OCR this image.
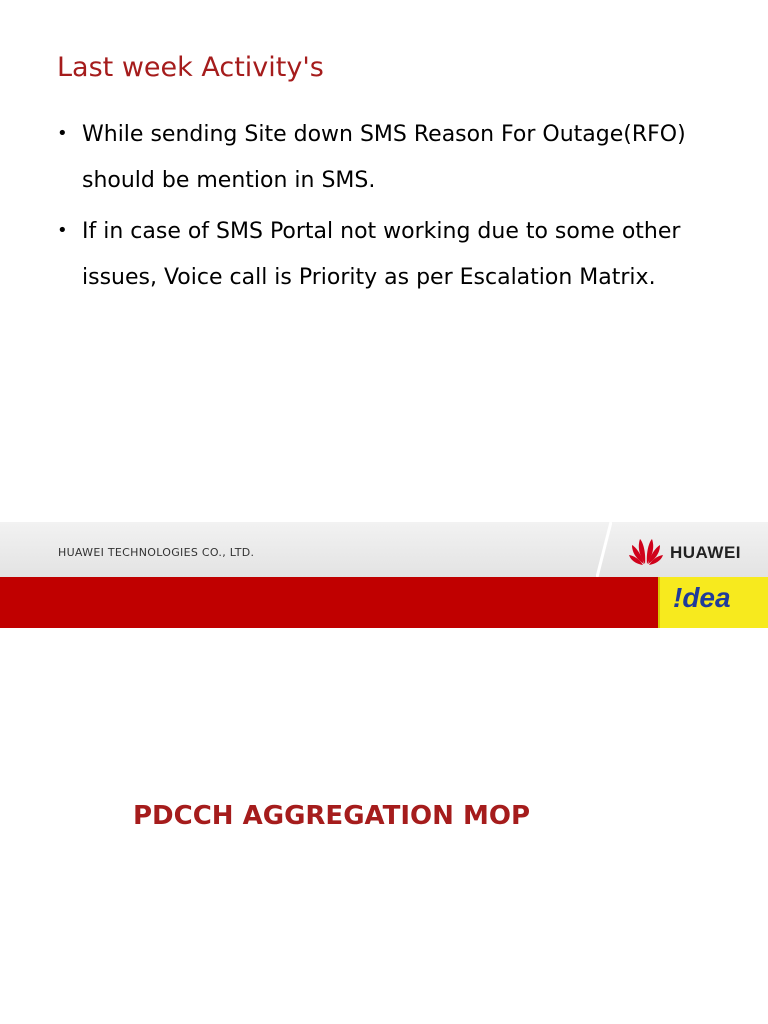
Last week Activity's
• While sending Site down SMS Reason For Outage(RFO) should be mention in SMS.
• If in case of SMS Portal not working due to some other issues, Voice call is Priority as per Escalation Matrix.
HUAWEI TECHNOLOGIES CO., LTD.	HUAWEI
!dea
PDCCH AGGREGATION MOP
